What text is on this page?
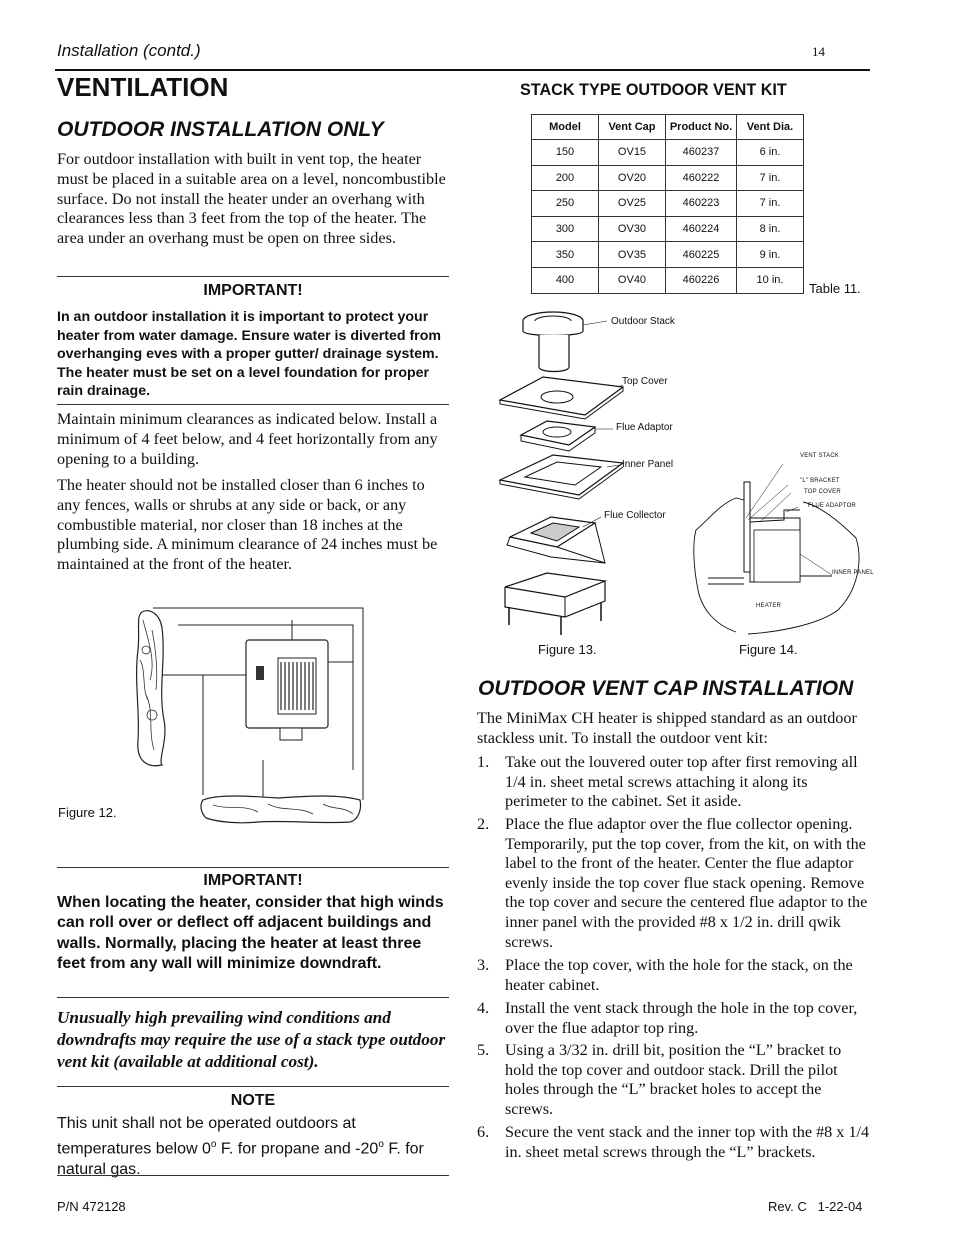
Installation (contd.)	14
VENTILATION
OUTDOOR INSTALLATION ONLY
For outdoor installation with built in vent top, the heater must be placed in a suitable area on a level, noncombustible surface. Do not install the heater under an overhang with clearances less than 3 feet from the top of the heater. The area under an overhang must be open on three sides.
IMPORTANT!
In an outdoor installation it is important to protect your heater from water damage. Ensure water is diverted from overhanging eves with a proper gutter/ drainage system. The heater must be set on a level foundation for proper rain drainage.
Maintain minimum clearances as indicated below. Install a minimum of 4 feet below, and 4 feet horizontally from any opening to a building.
The heater should not be installed closer than 6 inches to any fences, walls or shrubs at any side or back, or any combustible material, nor closer than 18 inches at the plumbing side. A minimum clearance of 24 inches must be maintained at the front of the heater.
Figure 12.
IMPORTANT!
When locating the heater, consider that high winds can roll over or deflect off adjacent buildings and walls. Normally, placing the heater at least three feet from any wall will minimize downdraft.
Unusually high prevailing wind conditions and downdrafts may require the use of a stack type outdoor vent kit (available at additional cost).
NOTE
This unit shall not be operated outdoors at temperatures below 0$^o$ F. for propane and -20$^o$ F. for natural gas.
STACK TYPE OUTDOOR VENT KIT
Model	Vent Cap	Product No.	Vent Dia.
150	OV15	460237	6 in.
200	OV20	460222	7 in.
250	OV25	460223	7 in.
300	OV30	460224	8 in.
350	OV35	460225	9 in.
400	OV40	460226	10 in.
Table 11.
Outdoor Stack
Top Cover
Flue Adaptor
Inner Panel
Flue Collector
VENT STACK
"L" BRACKET
TOP COVER
FLUE ADAPTOR
INNER PANEL
HEATER
Figure 13.	Figure 14.
OUTDOOR VENT CAP INSTALLATION
The MiniMax CH heater is shipped standard as an outdoor stackless unit. To install the outdoor vent kit:
1. Take out the louvered outer top after first removing all 1/4 in. sheet metal screws attaching it along its perimeter to the cabinet. Set it aside.
2. Place the flue adaptor over the flue collector opening. Temporarily, put the top cover, from the kit, on with the label to the front of the heater. Center the flue adaptor evenly inside the top cover flue stack opening. Remove the top cover and secure the centered flue adaptor to the inner panel with the provided #8 x 1/2 in. drill qwik screws.
3. Place the top cover, with the hole for the stack, on the heater cabinet.
4. Install the vent stack through the hole in the top cover, over the flue adaptor top ring.
5. Using a 3/32 in. drill bit, position the “L” bracket to hold the top cover and outdoor stack. Drill the pilot holes through the “L” bracket holes to accept the screws.
6. Secure the vent stack and the inner top with the #8 x 1/4 in. sheet metal screws through the “L” brackets.
P/N 472128	Rev. C   1-22-04
